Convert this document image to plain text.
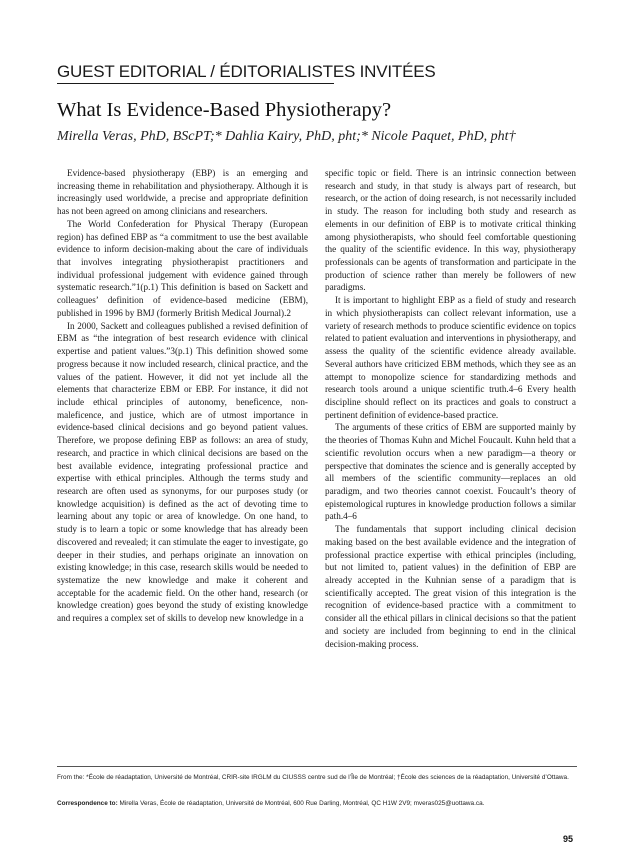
GUEST EDITORIAL / ÉDITORIALISTES INVITÉES
What Is Evidence-Based Physiotherapy?
Mirella Veras, PhD, BScPT;* Dahlia Kairy, PhD, pht;* Nicole Paquet, PhD, pht†

Evidence-based physiotherapy (EBP) is an emerging and increasing theme in rehabilitation and physiotherapy. Although it is increasingly used worldwide, a precise and appropriate definition has not been agreed on among clinicians and researchers.

The World Confederation for Physical Therapy (European region) has defined EBP as “a commitment to use the best available evidence to inform decision-making about the care of individuals that involves integrating physiotherapist practitioners and individual professional judgement with evidence gained through systematic research.”1(p.1) This definition is based on Sackett and colleagues’ definition of evidence-based medicine (EBM), published in 1996 by BMJ (formerly British Medical Journal).2

In 2000, Sackett and colleagues published a revised definition of EBM as “the integration of best research evidence with clinical expertise and patient values.”3(p.1) This definition showed some progress because it now included research, clinical practice, and the values of the patient. However, it did not yet include all the elements that characterize EBM or EBP. For instance, it did not include ethical principles of autonomy, beneficence, non-maleficence, and justice, which are of utmost importance in evidence-based clinical decisions and go beyond patient values. Therefore, we propose defining EBP as follows: an area of study, research, and practice in which clinical decisions are based on the best available evidence, integrating professional practice and expertise with ethical principles. Although the terms study and research are often used as synonyms, for our purposes study (or knowledge acquisition) is defined as the act of devoting time to learning about any topic or area of knowledge. On one hand, to study is to learn a topic or some knowledge that has already been discovered and revealed; it can stimulate the eager to investigate, go deeper in their studies, and perhaps originate an innovation on existing knowledge; in this case, research skills would be needed to systematize the new knowledge and make it coherent and acceptable for the academic field. On the other hand, research (or knowledge creation) goes beyond the study of existing knowledge and requires a complex set of skills to develop new knowledge in a

specific topic or field. There is an intrinsic connection between research and study, in that study is always part of research, but research, or the action of doing research, is not necessarily included in study. The reason for including both study and research as elements in our definition of EBP is to motivate critical thinking among physiotherapists, who should feel comfortable questioning the quality of the scientific evidence. In this way, physiotherapy professionals can be agents of transformation and participate in the production of science rather than merely be followers of new paradigms.

It is important to highlight EBP as a field of study and research in which physiotherapists can collect relevant information, use a variety of research methods to produce scientific evidence on topics related to patient evaluation and interventions in physiotherapy, and assess the quality of the scientific evidence already available. Several authors have criticized EBM methods, which they see as an attempt to monopolize science for standardizing methods and research tools around a unique scientific truth.4–6 Every health discipline should reflect on its practices and goals to construct a pertinent definition of evidence-based practice.

The arguments of these critics of EBM are supported mainly by the theories of Thomas Kuhn and Michel Foucault. Kuhn held that a scientific revolution occurs when a new paradigm—a theory or perspective that dominates the science and is generally accepted by all members of the scientific community—replaces an old paradigm, and two theories cannot coexist. Foucault’s theory of epistemological ruptures in knowledge production follows a similar path.4–6

The fundamentals that support including clinical decision making based on the best available evidence and the integration of professional practice expertise with ethical principles (including, but not limited to, patient values) in the definition of EBP are already accepted in the Kuhnian sense of a paradigm that is scientifically accepted. The great vision of this integration is the recognition of evidence-based practice with a commitment to consider all the ethical pillars in clinical decisions so that the patient and society are included from beginning to end in the clinical decision-making process.

From the: *École de réadaptation, Université de Montréal, CRIR-site IRGLM du CIUSSS centre sud de l’Île de Montréal; †École des sciences de la réadaptation, Université d’Ottawa.
Correspondence to: Mirella Veras, École de réadaptation, Université de Montréal, 600 Rue Darling, Montréal, QC H1W 2V9; mveras025@uottawa.ca.
95
